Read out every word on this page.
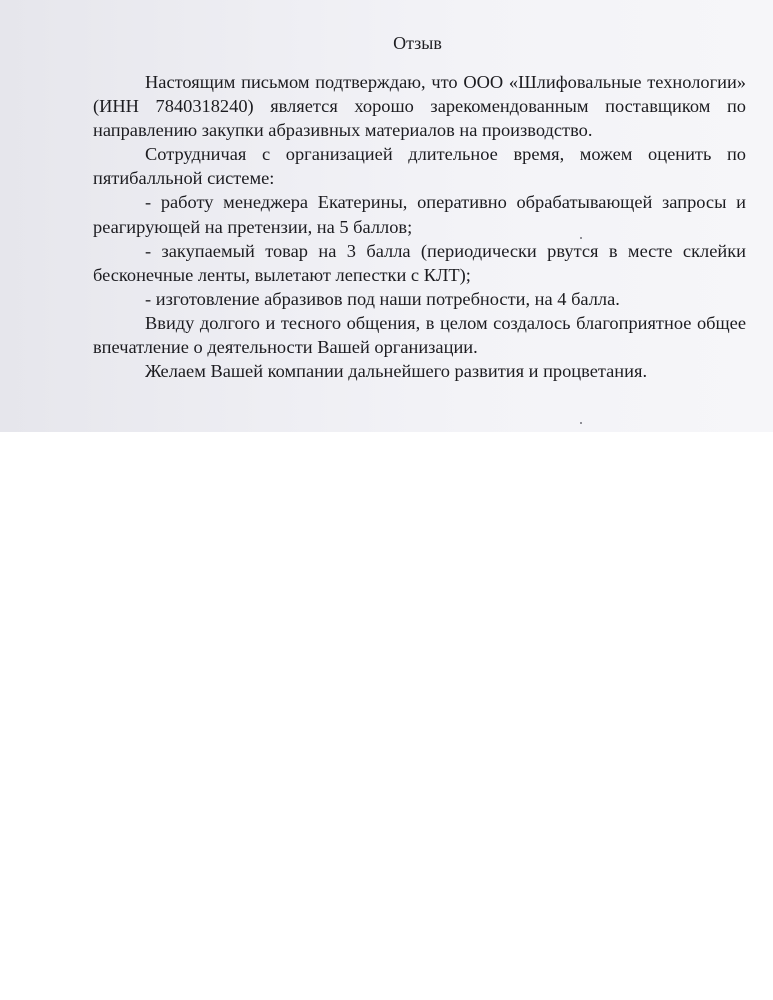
Отзыв

Настоящим письмом подтверждаю, что ООО «Шлифовальные технологии» (ИНН 7840318240) является хорошо зарекомендованным поставщиком по направлению закупки абразивных материалов на производство.

Сотрудничая с организацией длительное время, можем оценить по пятибалльной системе:

- работу менеджера Екатерины, оперативно обрабатывающей запросы и реагирующей на претензии, на 5 баллов;

- закупаемый товар на 3 балла (периодически рвутся в месте склейки бесконечные ленты, вылетают лепестки с КЛТ);

- изготовление абразивов под наши потребности, на 4 балла.

Ввиду долгого и тесного общения, в целом создалось благоприятное общее впечатление о деятельности Вашей организации.

Желаем Вашей компании дальнейшего развития и процветания.
